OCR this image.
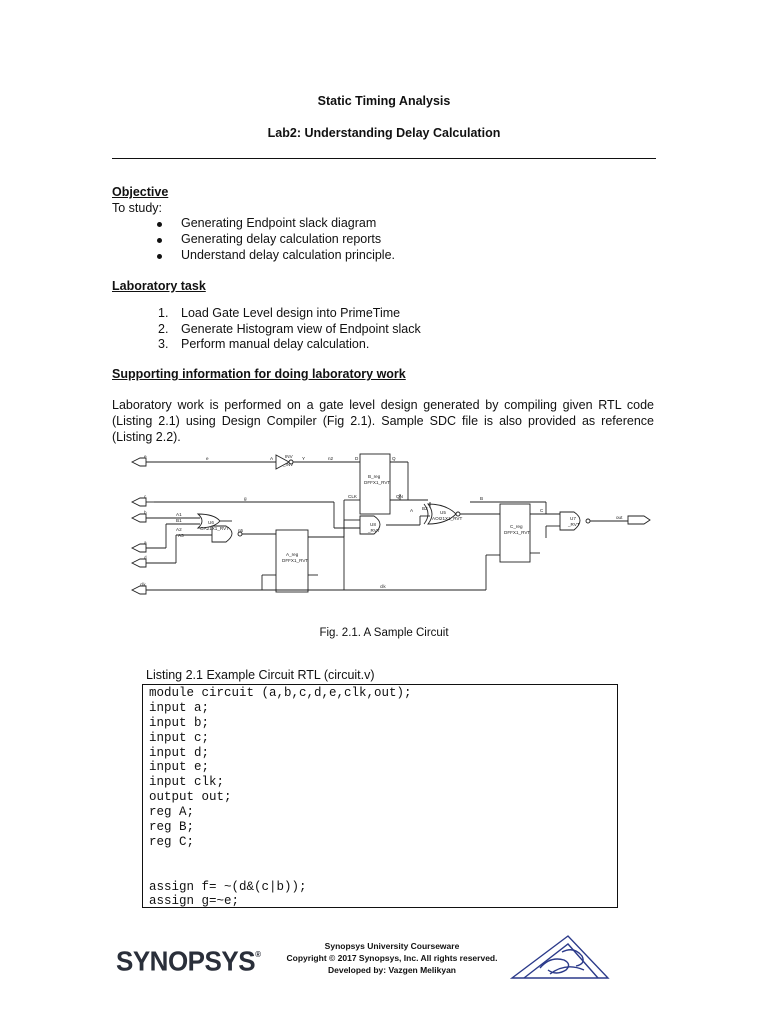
Static Timing Analysis
Lab2: Understanding Delay Calculation
Objective
To study:
Generating Endpoint slack diagram
Generating delay calculation reports
Understand delay calculation principle.
Laboratory task
1. Load Gate Level design into PrimeTime
2. Generate Histogram view of Endpoint slack
3. Perform manual delay calculation.
Supporting information for doing laboratory work
Laboratory work is performed on a gate level design generated by compiling given RTL code (Listing 2.1) using Design Compiler (Fig 2.1). Sample SDC file is also provided as reference (Listing 2.2).
e
c
b
a
d
clk
out
e	n2
g
n5
B
A
clk
C
INV
_INV
B_reg
DFFX1_RVT
U6
OA21X1_RVT
A_reg
DFFX1_RVT
U8
_RVT
U5
AOI21X1_RVT
C_reg
DFFX1_RVT
U7
_RVT
A	Y	D	Q
CLK	QN
A1
A2
A3
B1
B2
Fig. 2.1. A Sample Circuit
Listing 2.1 Example Circuit RTL (circuit.v)
module circuit (a,b,c,d,e,clk,out);
input a;
input b;
input c;
input d;
input e;
input clk;
output out;
reg A;
reg B;
reg C;
assign f= ~(d&(c|b));
assign g=~e;
SYNOPSYS®
Synopsys University Courseware
Copyright © 2017 Synopsys, Inc. All rights reserved.
Developed by: Vazgen Melikyan
